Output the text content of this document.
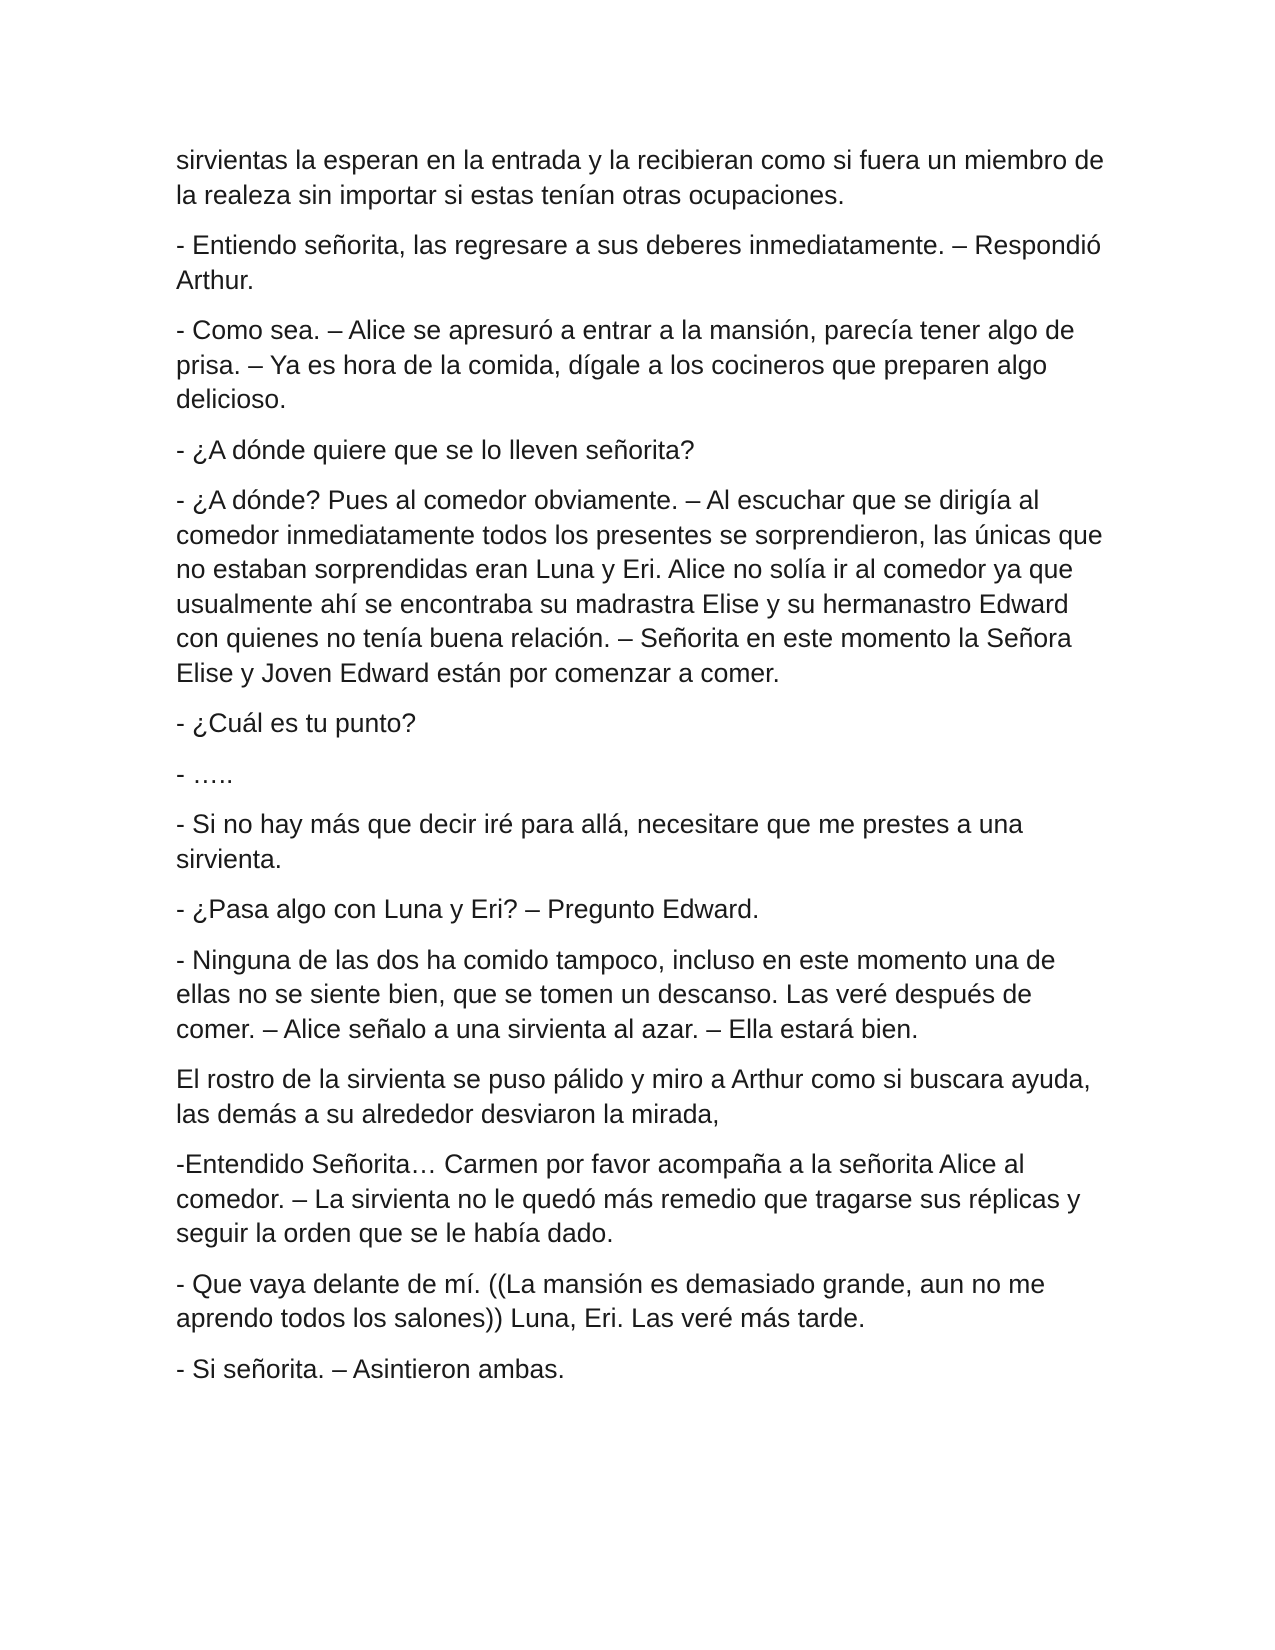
sirvientas la esperan en la entrada y la recibieran como si fuera un miembro de la realeza sin importar si estas tenían otras ocupaciones.

- Entiendo señorita, las regresare a sus deberes inmediatamente. – Respondió Arthur.

- Como sea. – Alice se apresuró a entrar a la mansión, parecía tener algo de prisa. – Ya es hora de la comida, dígale a los cocineros que preparen algo delicioso.

- ¿A dónde quiere que se lo lleven señorita?

- ¿A dónde? Pues al comedor obviamente. – Al escuchar que se dirigía al comedor inmediatamente todos los presentes se sorprendieron, las únicas que no estaban sorprendidas eran Luna y Eri. Alice no solía ir al comedor ya que usualmente ahí se encontraba su madrastra Elise y su hermanastro Edward con quienes no tenía buena relación. – Señorita en este momento la Señora Elise y Joven Edward están por comenzar a comer.

- ¿Cuál es tu punto?

- …..

- Si no hay más que decir iré para allá, necesitare que me prestes a una sirvienta.

- ¿Pasa algo con Luna y Eri? – Pregunto Edward.

- Ninguna de las dos ha comido tampoco, incluso en este momento una de ellas no se siente bien, que se tomen un descanso. Las veré después de comer. – Alice señalo a una sirvienta al azar. – Ella estará bien.

El rostro de la sirvienta se puso pálido y miro a Arthur como si buscara ayuda, las demás a su alrededor desviaron la mirada,

-Entendido Señorita… Carmen por favor acompaña a la señorita Alice al comedor. – La sirvienta no le quedó más remedio que tragarse sus réplicas y seguir la orden que se le había dado.

- Que vaya delante de mí. ((La mansión es demasiado grande, aun no me aprendo todos los salones)) Luna, Eri. Las veré más tarde.

- Si señorita. – Asintieron ambas.
